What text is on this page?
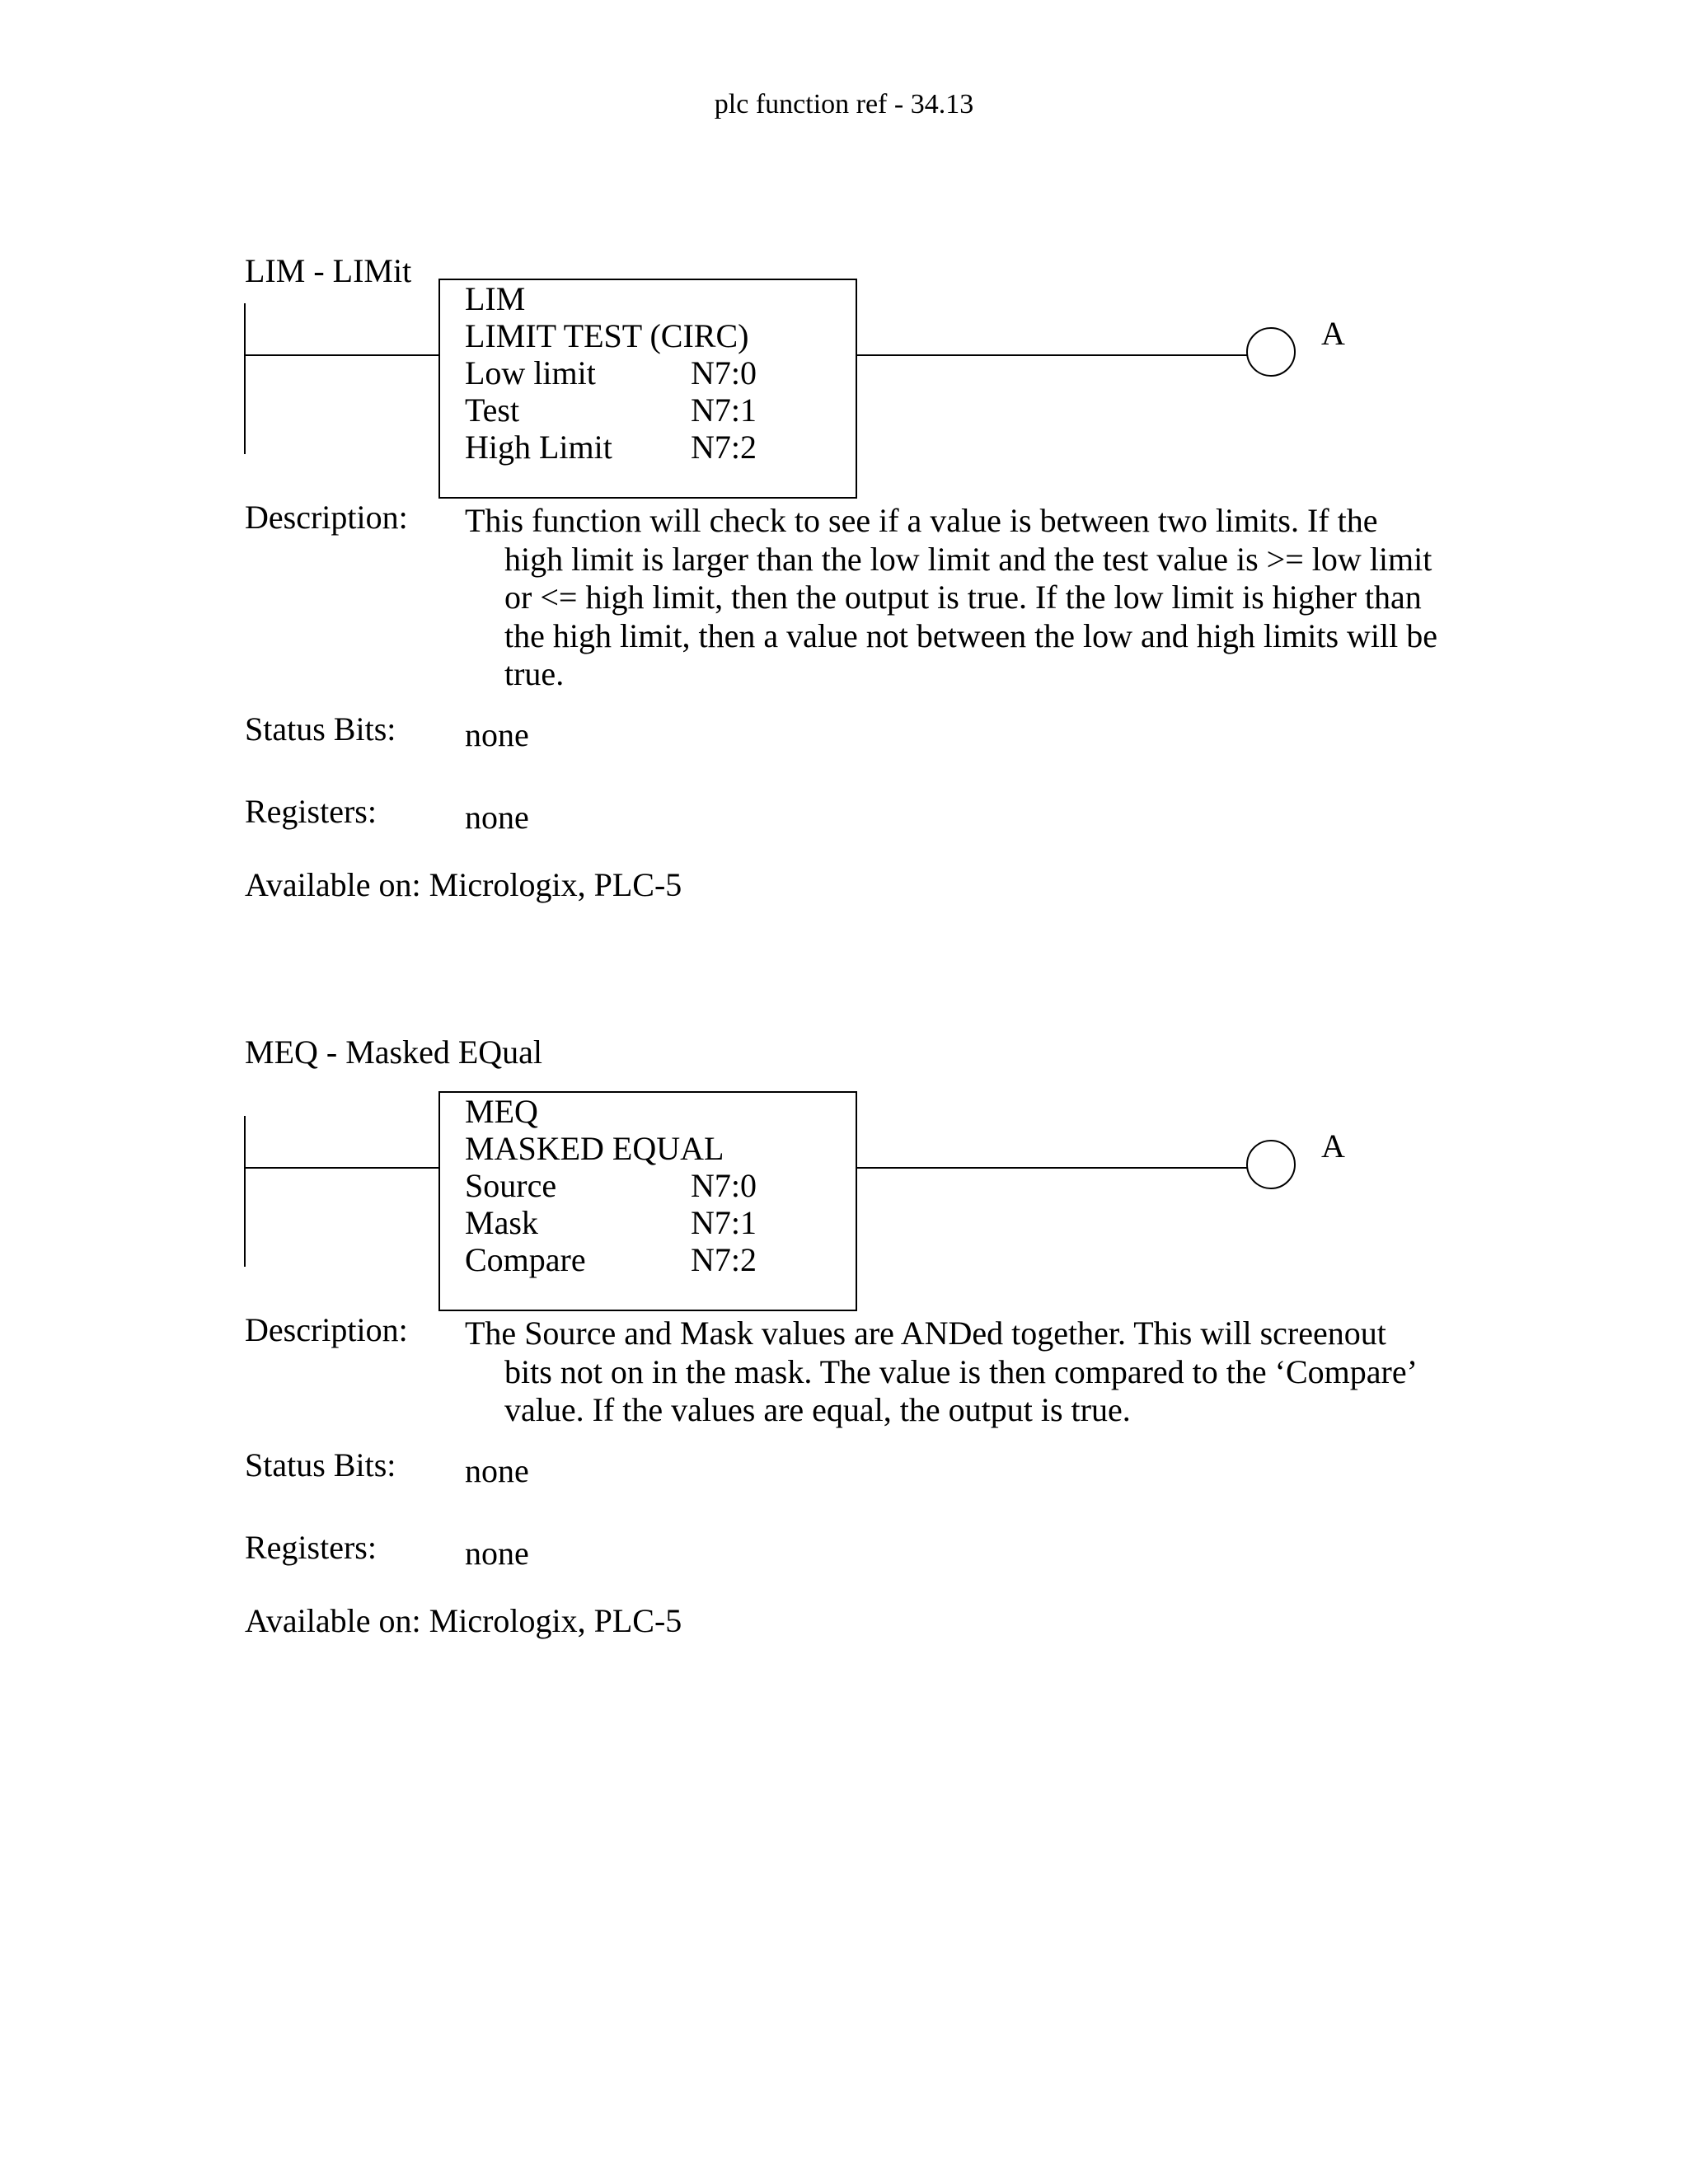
plc function ref - 34.13
LIM - LIMit
LIM
LIMIT TEST (CIRC)
Low limit	N7:0
Test	N7:1
High Limit N7:2
A
Description: This function will check to see if a value is between two limits. If the
high limit is larger than the low limit and the test value is >= low limit
or <= high limit, then the output is true. If the low limit is higher than
the high limit, then a value not between the low and high limits will be
true.
Status Bits: none
Registers:	none
Available on: Micrologix, PLC-5
MEQ - Masked EQual
MEQ
MASKED EQUAL
Source	N7:0
Mask	N7:1
Compare	N7:2
A
Description: The Source and Mask values are ANDed together. This will screenout
bits not on in the mask. The value is then compared to the ‘Compare’
value. If the values are equal, the output is true.
Status Bits: none
Registers:	none
Available on: Micrologix, PLC-5
